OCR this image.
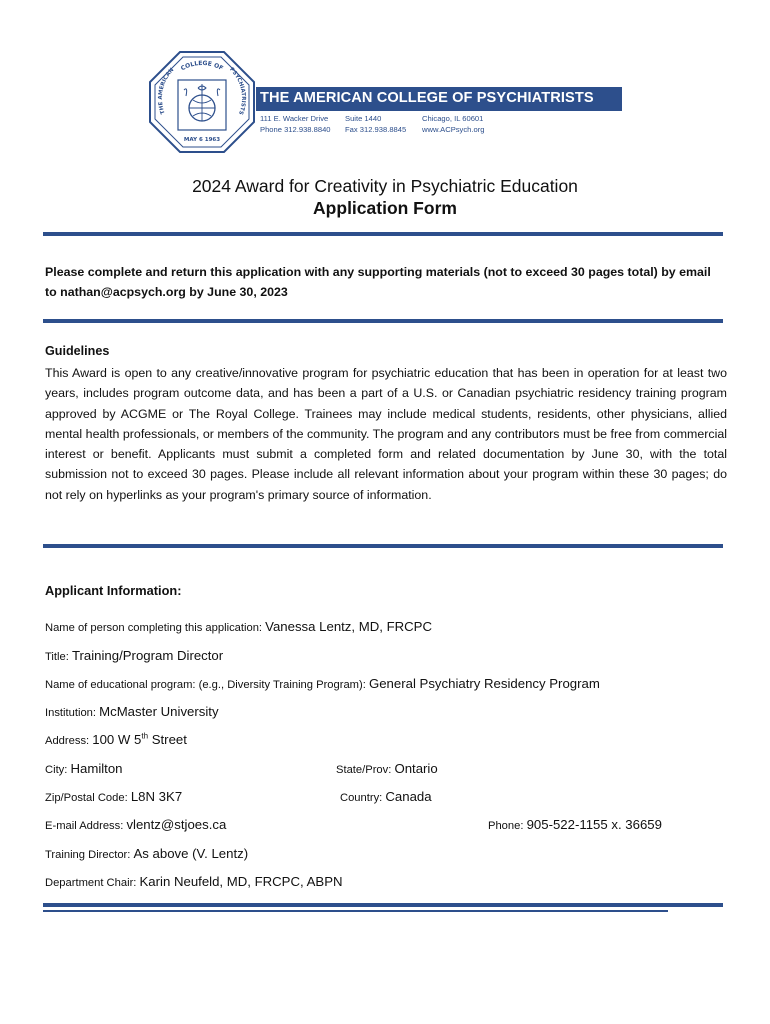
COLLEGE OF
THE AMERICAN	PSYCHIATRISTS
MAY 6 1963
THE AMERICAN COLLEGE OF PSYCHIATRISTS
111 E. Wacker Drive
Phone 312.938.8840
Suite 1440
Fax 312.938.8845
Chicago, IL 60601
www.ACPsych.org
2024 Award for Creativity in Psychiatric Education
Application Form
Please complete and return this application with any supporting materials (not to exceed 30 pages total) by email to nathan@acpsych.org by June 30, 2023
Guidelines
This Award is open to any creative/innovative program for psychiatric education that has been in operation for at least two years, includes program outcome data, and has been a part of a U.S. or Canadian psychiatric residency training program approved by ACGME or The Royal College. Trainees may include medical students, residents, other physicians, allied mental health professionals, or members of the community. The program and any contributors must be free from commercial interest or benefit. Applicants must submit a completed form and related documentation by June 30, with the total submission not to exceed 30 pages. Please include all relevant information about your program within these 30 pages; do not rely on hyperlinks as your program's primary source of information.
Applicant Information:
Name of person completing this application: Vanessa Lentz, MD, FRCPC
Title: Training/Program Director
Name of educational program: (e.g., Diversity Training Program): General Psychiatry Residency Program
Institution: McMaster University
Address: 100 W 5th Street
City: Hamilton	State/Prov: Ontario
Zip/Postal Code: L8N 3K7	Country: Canada
E-mail Address: vlentz@stjoes.ca	Phone: 905-522-1155 x. 36659
Training Director: As above (V. Lentz)
Department Chair: Karin Neufeld, MD, FRCPC, ABPN
